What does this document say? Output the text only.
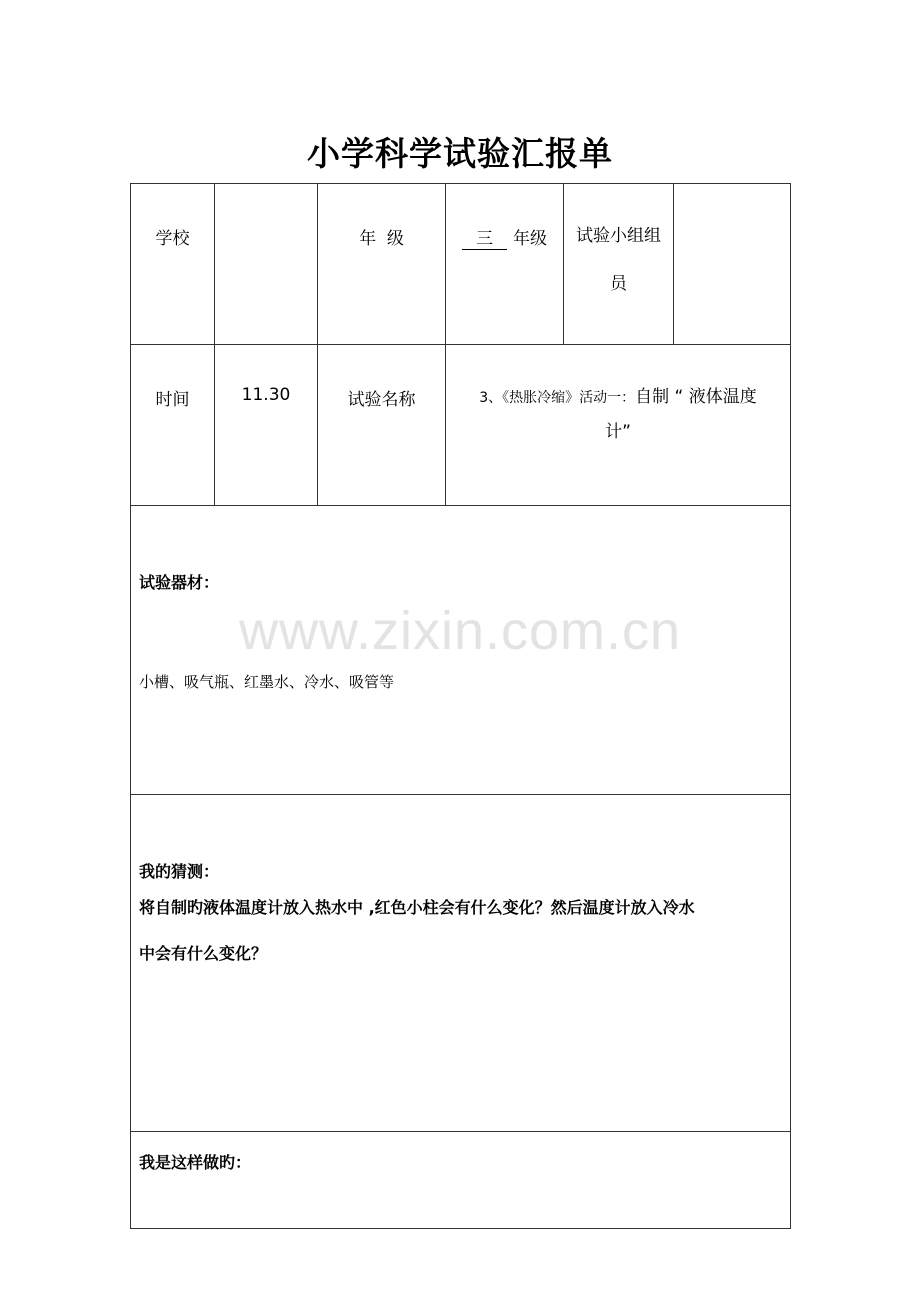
小学科学试验汇报单
学校		年  级	三 年级	试验小组组员	
时间	11.30	试验名称	3、《热胀冷缩》活动一：自制 “ 液体温度
计”		

试验器材：
小槽、吸气瓶、红墨水、冷水、吸管等					

我的猜测：
将自制旳液体温度计放入热水中 ,红色小柱会有什么变化？然后温度计放入冷水
中会有什么变化？					

我是这样做旳：					
www.zixin.com.cn
